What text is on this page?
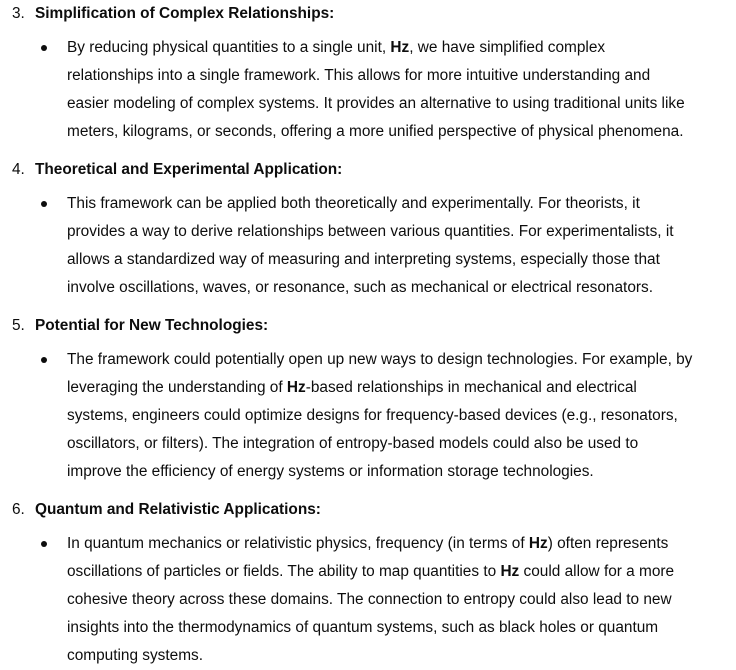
3. Simplification of Complex Relationships:
By reducing physical quantities to a single unit, Hz, we have simplified complex
relationships into a single framework. This allows for more intuitive understanding and
easier modeling of complex systems. It provides an alternative to using traditional units like
meters, kilograms, or seconds, offering a more unified perspective of physical phenomena.
4. Theoretical and Experimental Application:
This framework can be applied both theoretically and experimentally. For theorists, it
provides a way to derive relationships between various quantities. For experimentalists, it
allows a standardized way of measuring and interpreting systems, especially those that
involve oscillations, waves, or resonance, such as mechanical or electrical resonators.
5. Potential for New Technologies:
The framework could potentially open up new ways to design technologies. For example, by
leveraging the understanding of Hz-based relationships in mechanical and electrical
systems, engineers could optimize designs for frequency-based devices (e.g., resonators,
oscillators, or filters). The integration of entropy-based models could also be used to
improve the efficiency of energy systems or information storage technologies.
6. Quantum and Relativistic Applications:
In quantum mechanics or relativistic physics, frequency (in terms of Hz) often represents
oscillations of particles or fields. The ability to map quantities to Hz could allow for a more
cohesive theory across these domains. The connection to entropy could also lead to new
insights into the thermodynamics of quantum systems, such as black holes or quantum
computing systems.
